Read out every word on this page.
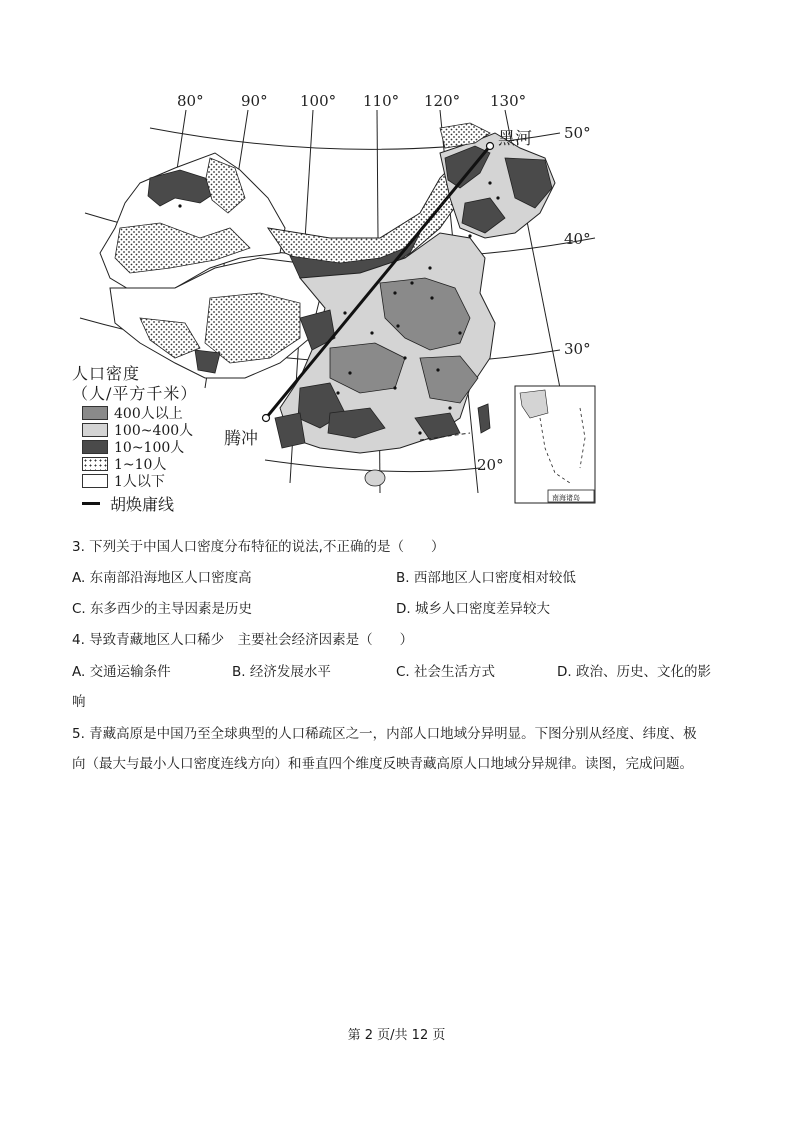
80° 90° 100° 110° 120° 130°
50°
40°
30°
20°
黑河
腾冲
南海诸岛
人口密度
（人/平方千米）
400人以上
100~400人
10~100人
1~10人
1人以下
胡焕庸线
3. 下列关于中国人口密度分布特征的说法,不正确的是（　　）
A. 东南部沿海地区人口密度高	B. 西部地区人口密度相对较低
C. 东多西少的主导因素是历史	D. 城乡人口密度差异较大
4. 导致青藏地区人口稀少　主要社会经济因素是（　　）
A. 交通运输条件	B. 经济发展水平	C. 社会生活方式	D. 政治、历史、文化的影
响
5. 青藏高原是中国乃至全球典型的人口稀疏区之一，内部人口地域分异明显。下图分别从经度、纬度、极
向（最大与最小人口密度连线方向）和垂直四个维度反映青藏高原人口地域分异规律。读图，完成问题。
第 2 页/共 12 页
